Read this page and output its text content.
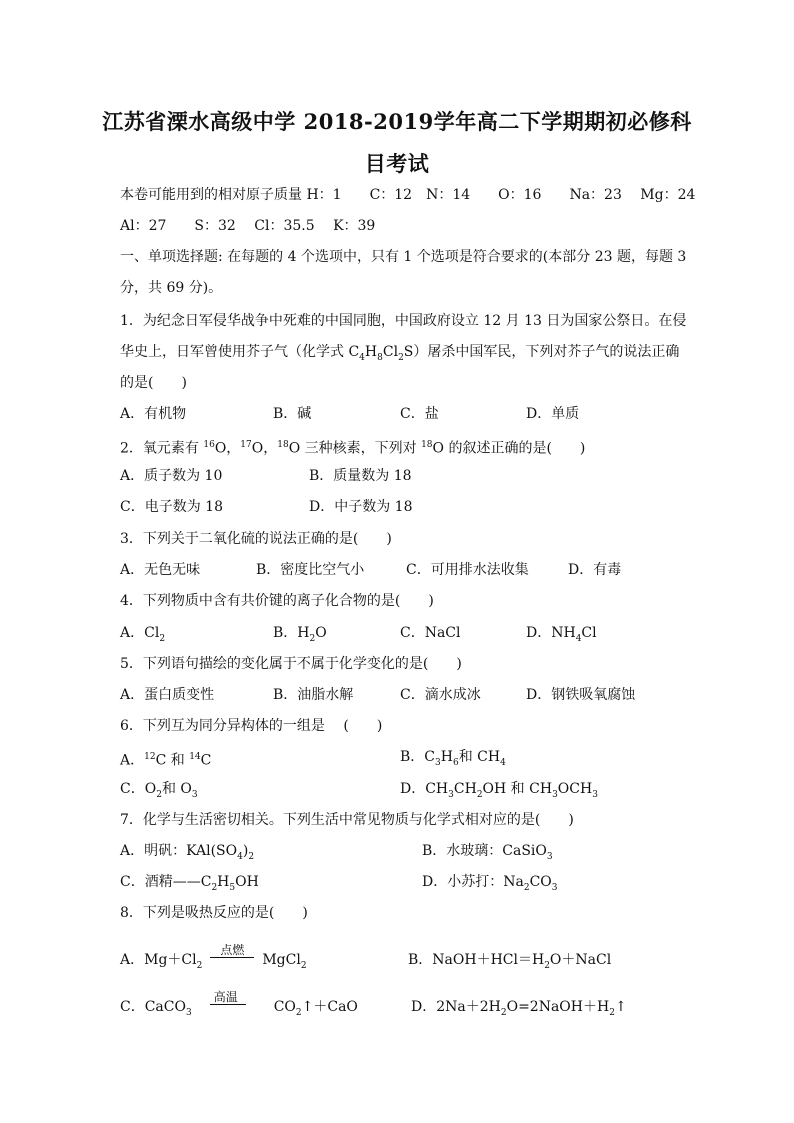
江苏省溧水高级中学 2018-2019学年高二下学期期初必修科
目考试
本卷可能用到的相对原子质量 H：1　　C：12　N：14　　O：16　　Na：23　 Mg：24
Al：27　　S：32　 Cl：35.5　 K：39
一、单项选择题: 在每题的 4 个选项中，只有 1 个选项是符合要求的(本部分 23 题，每题 3
分，共 69 分)。
1．为纪念日军侵华战争中死难的中国同胞，中国政府设立 12 月 13 日为国家公祭日。在侵
华史上，日军曾使用芥子气（化学式 $C_4H_8Cl_2S$）屠杀中国军民，下列对芥子气的说法正确
的是(　　)
A．有机物	B．碱	C．盐	D．单质
2．氧元素有 $^{16}$O，$^{17}$O，$^{18}$O 三种核素，下列对 $^{18}$O 的叙述正确的是(　　)
A．质子数为 10	B．质量数为 18
C．电子数为 18	D．中子数为 18
3．下列关于二氧化硫的说法正确的是(　　)
A．无色无味	B．密度比空气小	C．可用排水法收集	D．有毒
4．下列物质中含有共价键的离子化合物的是(　　)
A．$Cl_2$	B．$H_2O$	C．NaCl	D．$NH_4Cl$
5．下列语句描绘的变化属于不属于化学变化的是(　　)
A．蛋白质变性	B．油脂水解	C．滴水成冰	D．钢铁吸氧腐蚀
6．下列互为同分异构体的一组是　 (　　)
A．$^{12}$C 和 $^{14}$C	B．$C_3H_6$和 $CH_4$
C．$O_2$和 $O_3$	D．$CH_3CH_2OH$ 和 $CH_3OCH_3$
7．化学与生活密切相关。下列生活中常见物质与化学式相对应的是(　　)
A．明矾：$KAl(SO_4)_2$	B．水玻璃：CaSiO$_3$
C．酒精$——C_2H_5OH$	D．小苏打：$Na_2CO_3$
8．下列是吸热反应的是(　　)
A．$Mg+Cl_2$
点燃
MgCl$_2$	B．$NaOH+HCl=H_2O+NaCl$
C．CaCO$_3$
高温
$CO_2↑+CaO$	D．$2Na+2H_2O=2NaOH+H_2↑$
